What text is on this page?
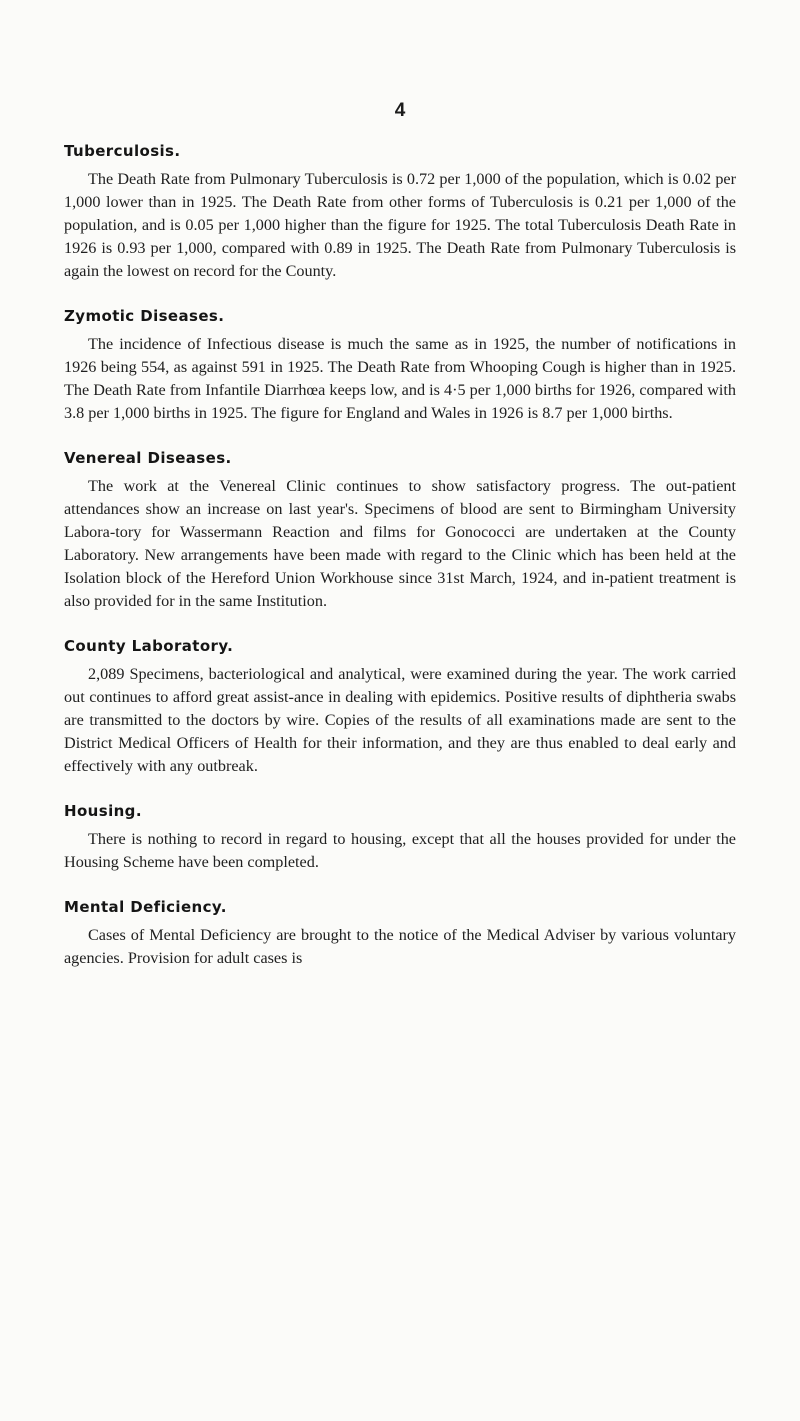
4
Tuberculosis.

The Death Rate from Pulmonary Tuberculosis is 0.72 per 1,000 of the population, which is 0.02 per 1,000 lower than in 1925. The Death Rate from other forms of Tuberculosis is 0.21 per 1,000 of the population, and is 0.05 per 1,000 higher than the figure for 1925. The total Tuberculosis Death Rate in 1926 is 0.93 per 1,000, compared with 0.89 in 1925. The Death Rate from Pulmonary Tuberculosis is again the lowest on record for the County.

Zymotic Diseases.

The incidence of Infectious disease is much the same as in 1925, the number of notifications in 1926 being 554, as against 591 in 1925. The Death Rate from Whooping Cough is higher than in 1925. The Death Rate from Infantile Diarrhœa keeps low, and is 4·5 per 1,000 births for 1926, compared with 3.8 per 1,000 births in 1925. The figure for England and Wales in 1926 is 8.7 per 1,000 births.

Venereal Diseases.

The work at the Venereal Clinic continues to show satisfactory progress. The out-patient attendances show an increase on last year's. Specimens of blood are sent to Birmingham University Labora-tory for Wassermann Reaction and films for Gonococci are undertaken at the County Laboratory. New arrangements have been made with regard to the Clinic which has been held at the Isolation block of the Hereford Union Workhouse since 31st March, 1924, and in-patient treatment is also provided for in the same Institution.

County Laboratory.

2,089 Specimens, bacteriological and analytical, were examined during the year. The work carried out continues to afford great assist-ance in dealing with epidemics. Positive results of diphtheria swabs are transmitted to the doctors by wire. Copies of the results of all examinations made are sent to the District Medical Officers of Health for their information, and they are thus enabled to deal early and effectively with any outbreak.

Housing.

There is nothing to record in regard to housing, except that all the houses provided for under the Housing Scheme have been completed.

Mental Deficiency.

Cases of Mental Deficiency are brought to the notice of the Medical Adviser by various voluntary agencies. Provision for adult cases is
